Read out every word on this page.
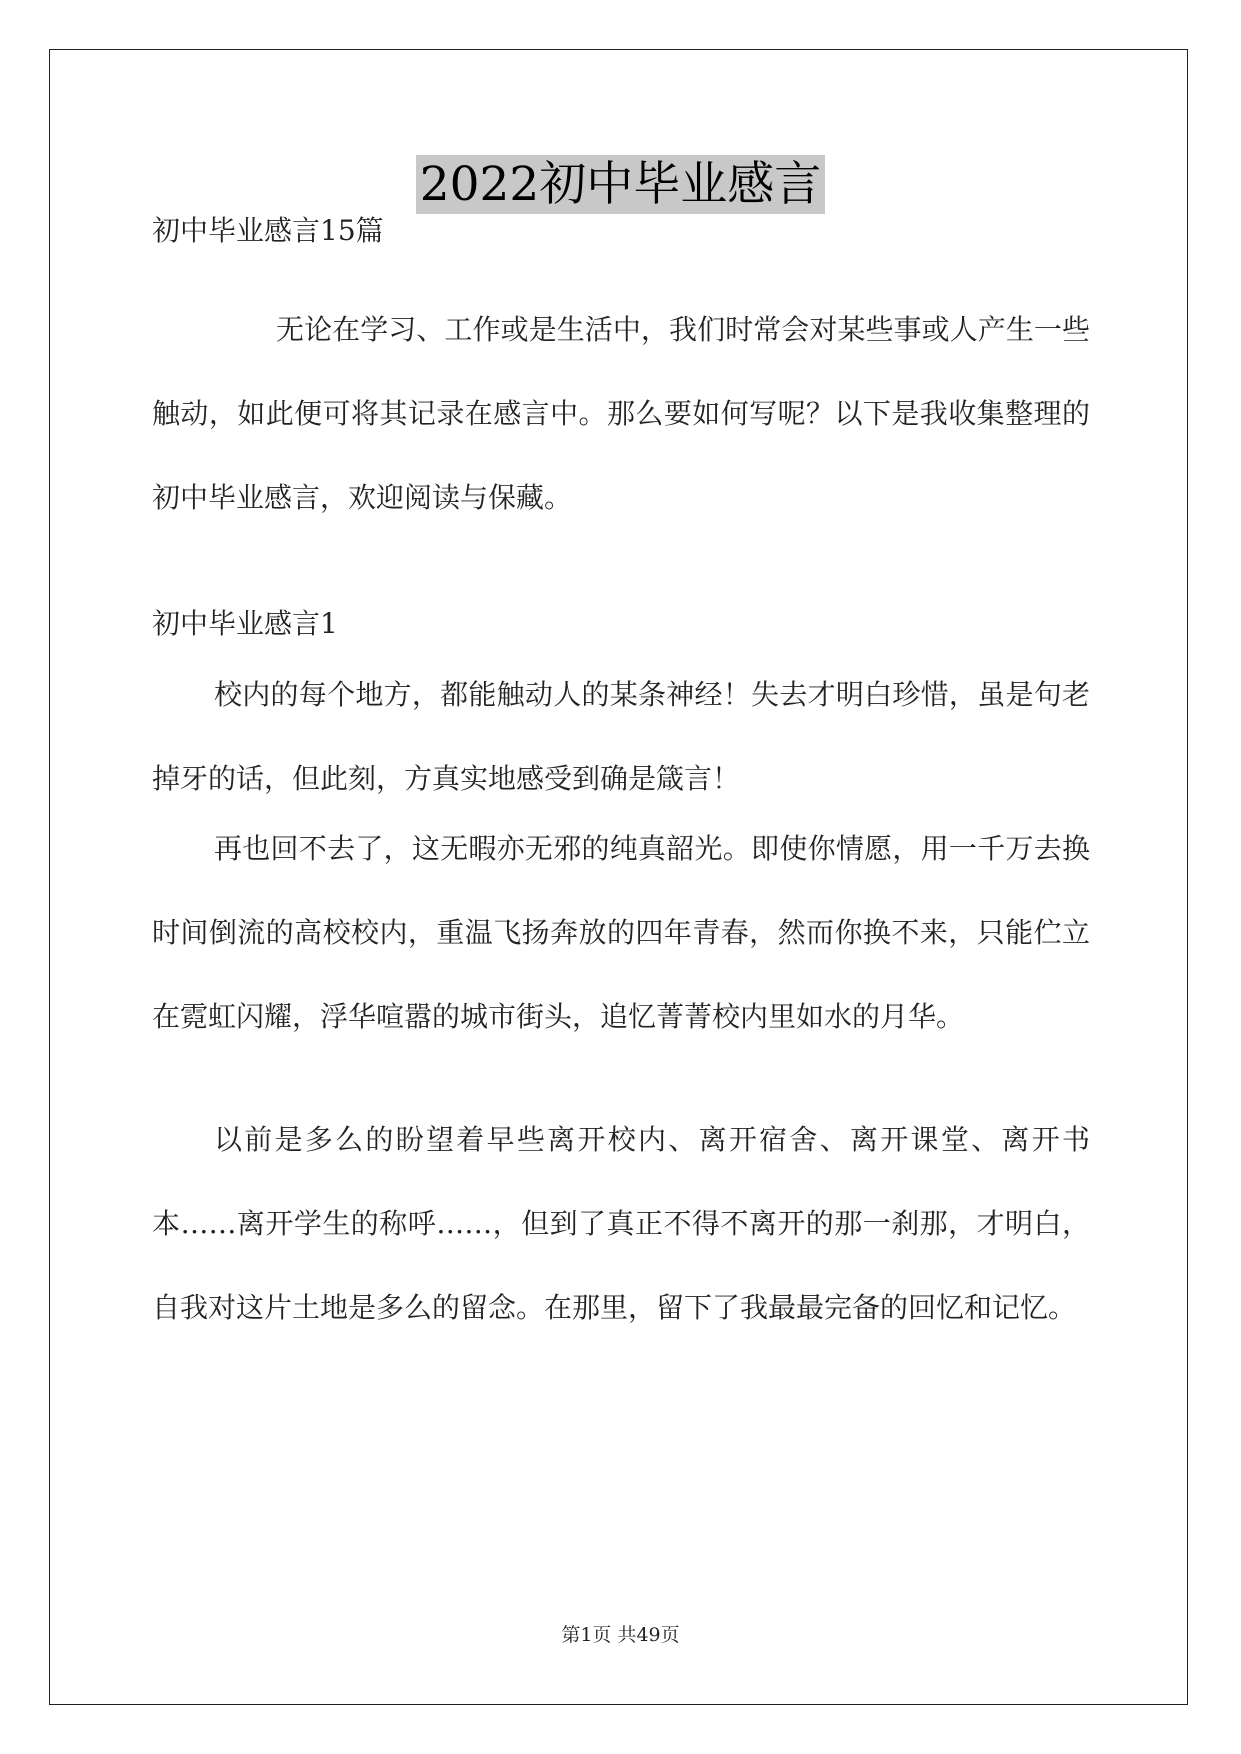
2022初中毕业感言
初中毕业感言15篇
无论在学习、工作或是生活中，我们时常会对某些事或人产生一些触动，如此便可将其记录在感言中。那么要如何写呢？以下是我收集整理的初中毕业感言，欢迎阅读与保藏。
初中毕业感言1
校内的每个地方，都能触动人的某条神经！失去才明白珍惜，虽是句老掉牙的话，但此刻，方真实地感受到确是箴言！
再也回不去了，这无暇亦无邪的纯真韶光。即使你情愿，用一千万去换时间倒流的高校校内，重温飞扬奔放的四年青春，然而你换不来，只能伫立在霓虹闪耀，浮华喧嚣的城市街头，追忆菁菁校内里如水的月华。
以前是多么的盼望着早些离开校内、离开宿舍、离开课堂、离开书本……离开学生的称呼……，但到了真正不得不离开的那一刹那，才明白，自我对这片土地是多么的留念。在那里，留下了我最最完备的回忆和记忆。
第1页 共49页
